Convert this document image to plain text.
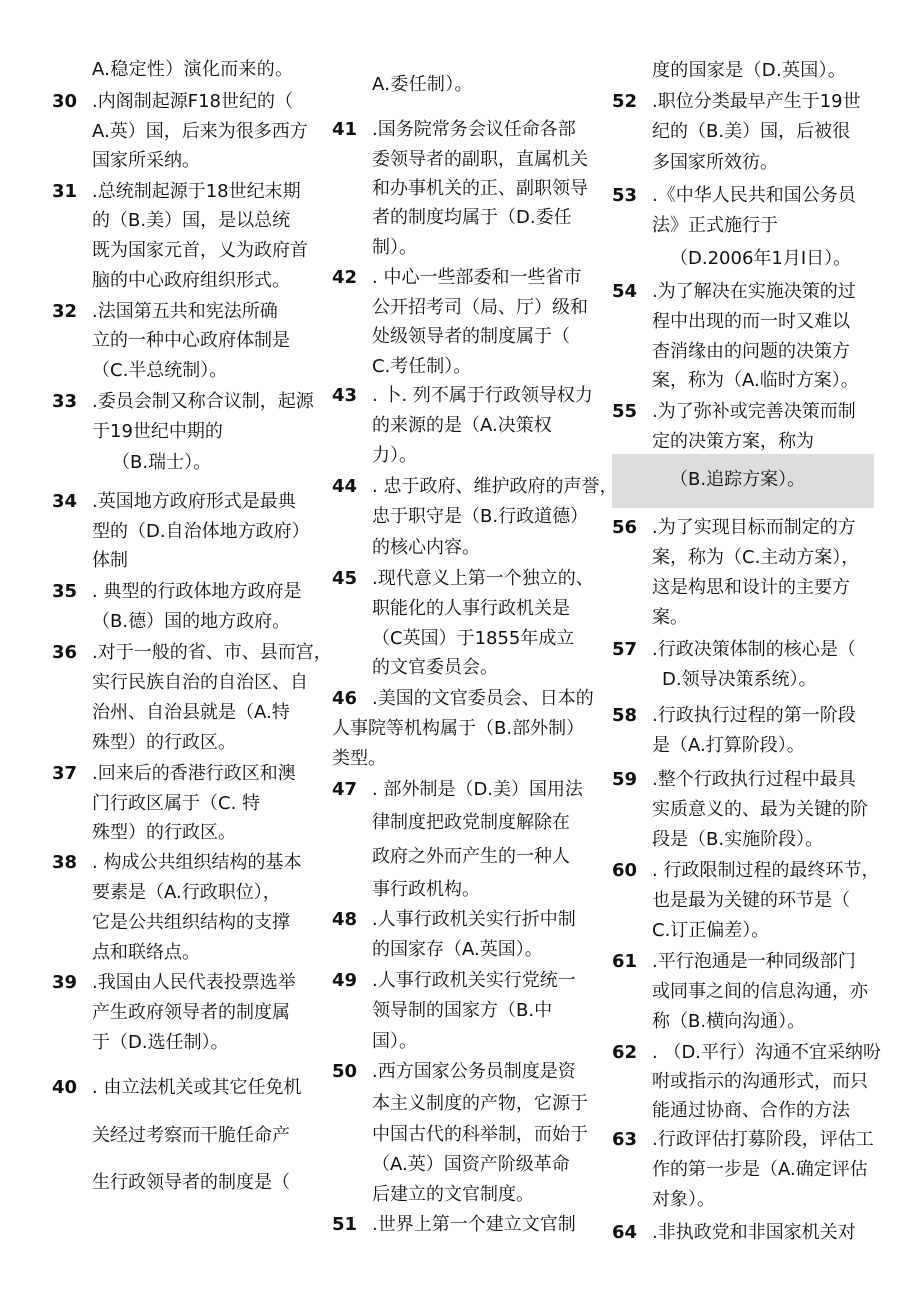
A.稳定性）演化而来的。
30 .内阁制起源F18世纪的（
A.英）国，后来为很多西方
国家所采纳。
31 .总统制起源于18世纪末期
的（B.美）国，是以总统
既为国家元首，乂为政府首
脑的中心政府组织形式。
32 .法国第五共和宪法所确
立的一种中心政府体制是
（C.半总统制）。
33 .委员会制又称合议制，起源
于19世纪中期的
（B.瑞士）。
34 .英国地方政府形式是最典
型的（D.自治体地方政府）
体制
35 . 典型的行政体地方政府是
（B.德）国的地方政府。
36 .对于一般的省、市、县而宫，
实行民族自治的自治区、自
治州、自治县就是（A.特
殊型）的行政区。
37 .回来后的香港行政区和澳
门行政区属于（C. 特
殊型）的行政区。
38 . 构成公共组织结构的基本
要素是（A.行政职位），
它是公共组织结构的支撑
点和联络点。
39 .我国由人民代表投票选举
产生政府领导者的制度属
于（D.选任制）。
40 . 由立法机关或其它任免机
关经过考察而干脆任命产
生行政领导者的制度是（
A.委任制）。
41 .国务院常务会议任命各部
委领导者的副职，直属机关
和办事机关的正、副职领导
者的制度均属于（D.委任
制）。
42 . 中心一些部委和一些省市
公开招考司（局、厅）级和
处级领导者的制度属于（
C.考任制）。
43 . 卜. 列不属于行政领导权力
的来源的是（A.决策权
力）。
44 . 忠于政府、维护政府的声誉，
忠于职守是（B.行政道德）
的核心内容。
45 .现代意义上第一个独立的、
职能化的人事行政机关是
（C英国）于1855年成立
的文官委员会。
46 .美国的文官委员会、日本的
人事院等机构属于（B.部外制）
类型。
47 . 部外制是（D.美）国用法
律制度把政党制度解除在
政府之外而产生的一种人
事行政机构。
48 .人事行政机关实行折中制
的国家存（A.英国）。
49 .人事行政机关实行党统一
领导制的国家方（B.中
国）。
50 .西方国家公务员制度是资
本主义制度的产物，它源于
中国古代的科举制，而始于
（A.英）国资产阶级革命
后建立的文官制度。
51 .世界上第一个建立文官制
度的国家是（D.英国）。
52 .职位分类最早产生于19世
纪的（B.美）国，后被很
多国家所效彷。
53 .《中华人民共和国公务员
法》正式施行于
（D.2006年1月I日）。
54 .为了解决在实施决策的过
程中出现的而一时又难以
杳消缘由的问题的决策方
案，称为（A.临时方案）。
55 .为了弥补或完善决策而制
定的决策方案，称为
（B.追踪方案）。
56 .为了实现目标而制定的方
案，称为（C.主动方案），
这是构思和设计的主要方
案。
57 .行政决策体制的核心是（
D.领导决策系统）。
58 .行政执行过程的第一阶段
是（A.打算阶段）。
59 .整个行政执行过程中最具
实质意义的、最为关键的阶
段是（B.实施阶段）。
60 . 行政限制过程的最终环节，
也是最为关键的环节是（
C.订正偏差）。
61 .平行泡通是一种同级部门
或同事之间的信息沟通，亦
称（B.横向沟通）。
62 . （D.平行）沟通不宜采纳吩
咐或指示的沟通形式，而只
能通过协商、合作的方法
63 .行政评估打募阶段，评估工
作的第一步是（A.确定评估
对象）。
64 .非执政党和非国家机关对
